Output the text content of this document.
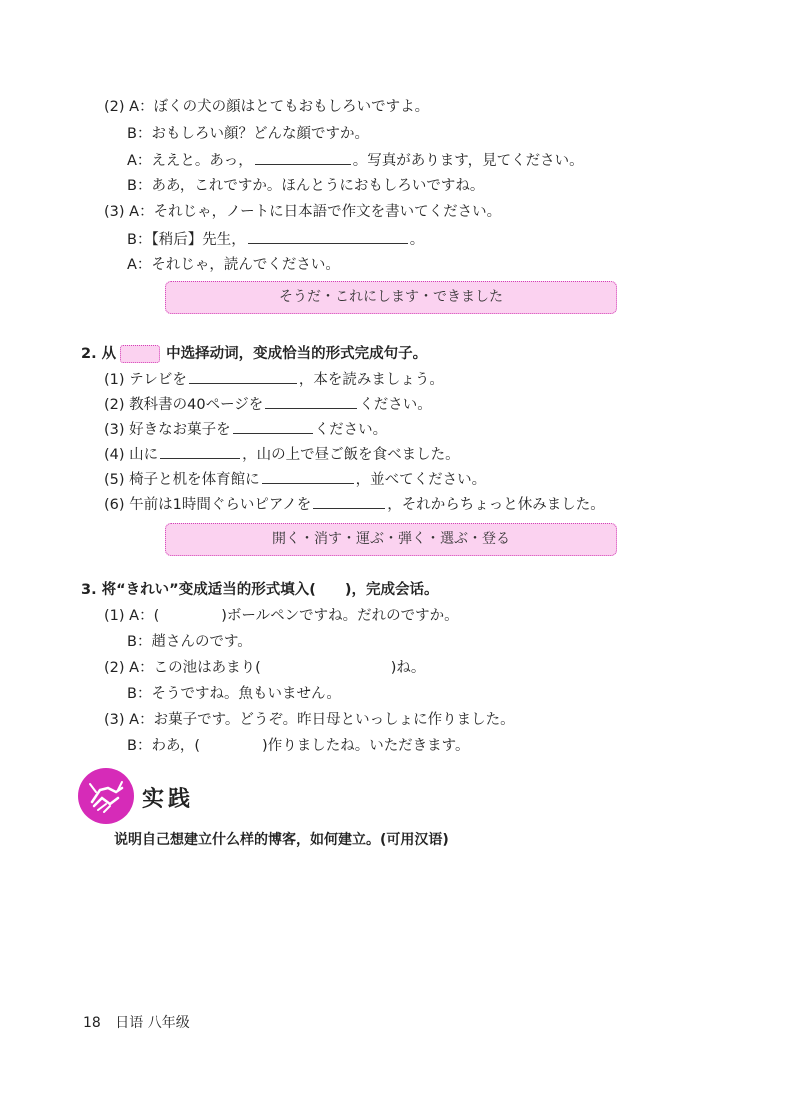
(2) A：ぼくの犬の顔はとてもおもしろいですよ。
B：おもしろい顔？どんな顔ですか。
A：ええと。あっ，	。写真があります，見てください。
B：ああ，これですか。ほんとうにおもしろいですね。
(3) A：それじゃ，ノートに日本語で作文を書いてください。
B：【稍后】先生，	。
A：それじゃ，読んでください。
そうだ・これにします・できました
2. 从	中选择动词，变成恰当的形式完成句子。
(1) テレビを	，本を読みましょう。
(2) 教科書の40ページを	ください。
(3) 好きなお菓子を	ください。
(4) 山に	，山の上で昼ご飯を食べました。
(5) 椅子と机を体育館に	，並べてください。
(6) 午前は1時間ぐらいピアノを	，それからちょっと休みました。
開く・消す・運ぶ・弾く・選ぶ・登る
3. 将“きれい”变成适当的形式填入(　　)，完成会话。
(1) A：(	)ボールペンですね。だれのですか。
B：趙さんのです。
(2) A：この池はあまり(	)ね。
B：そうですね。魚もいません。
(3) A：お菓子です。どうぞ。昨日母といっしょに作りました。
B：わあ，(	)作りましたね。いただきます。
实践
说明自己想建立什么样的博客，如何建立。(可用汉语)
18 日语 八年级
